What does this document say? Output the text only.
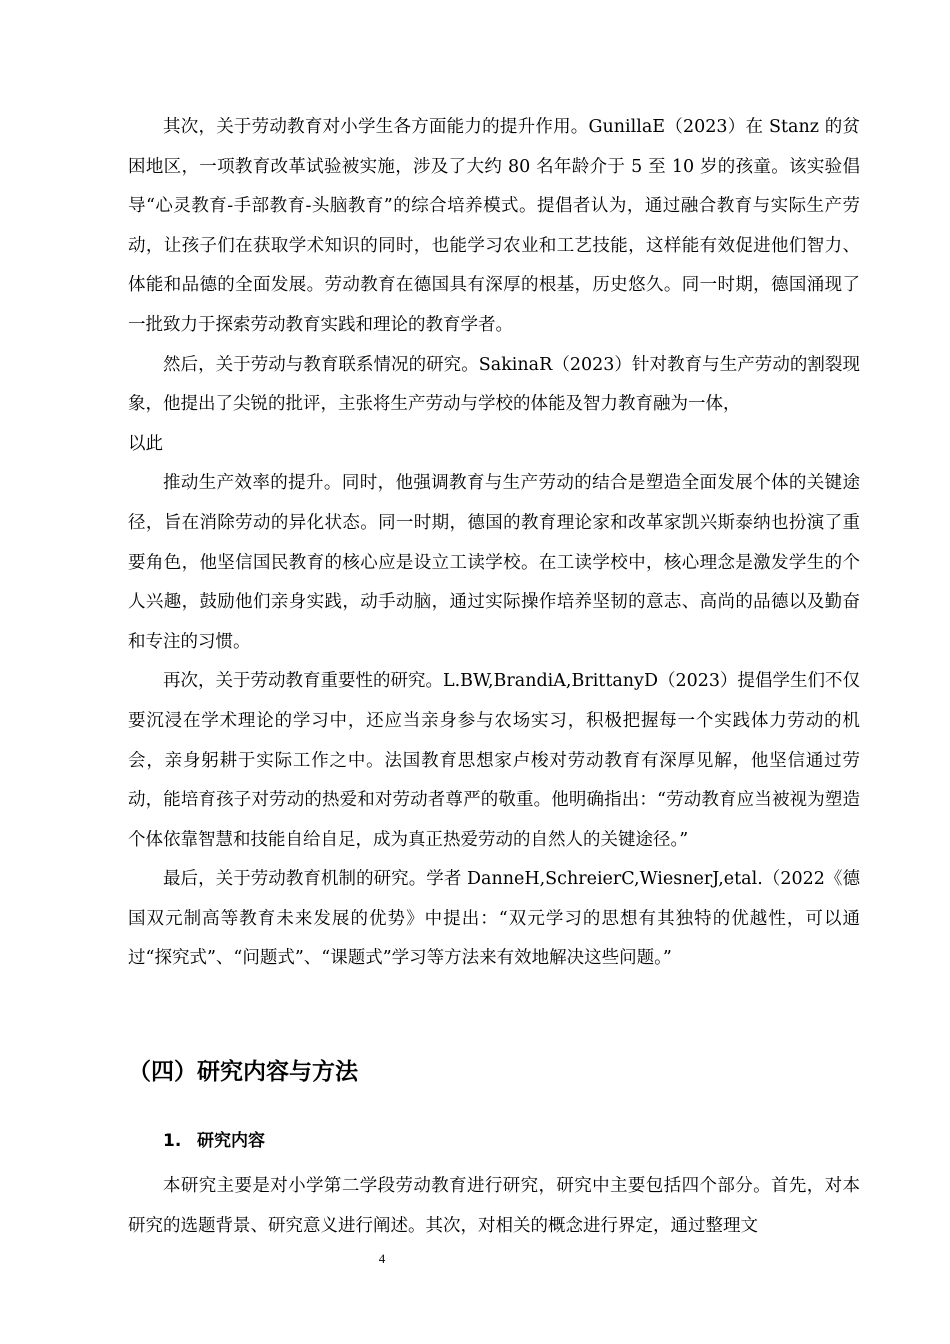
其次，关于劳动教育对小学生各方面能力的提升作用。GunillaE（2023）在 Stanz 的贫困地区，一项教育改革试验被实施，涉及了大约 80 名年龄介于 5 至 10 岁的孩童。该实验倡导“心灵教育-手部教育-头脑教育”的综合培养模式。提倡者认为，通过融合教育与实际生产劳动，让孩子们在获取学术知识的同时，也能学习农业和工艺技能，这样能有效促进他们智力、体能和品德的全面发展。劳动教育在德国具有深厚的根基，历史悠久。同一时期，德国涌现了一批致力于探索劳动教育实践和理论的教育学者。

然后，关于劳动与教育联系情况的研究。SakinaR（2023）针对教育与生产劳动的割裂现象，他提出了尖锐的批评，主张将生产劳动与学校的体能及智力教育融为一体，

以此

推动生产效率的提升。同时，他强调教育与生产劳动的结合是塑造全面发展个体的关键途径，旨在消除劳动的异化状态。同一时期，德国的教育理论家和改革家凯兴斯泰纳也扮演了重要角色，他坚信国民教育的核心应是设立工读学校。在工读学校中，核心理念是激发学生的个人兴趣，鼓励他们亲身实践，动手动脑，通过实际操作培养坚韧的意志、高尚的品德以及勤奋和专注的习惯。

再次，关于劳动教育重要性的研究。L.BW,BrandiA,BrittanyD（2023）提倡学生们不仅要沉浸在学术理论的学习中，还应当亲身参与农场实习，积极把握每一个实践体力劳动的机会，亲身躬耕于实际工作之中。法国教育思想家卢梭对劳动教育有深厚见解，他坚信通过劳动，能培育孩子对劳动的热爱和对劳动者尊严的敬重。他明确指出：“劳动教育应当被视为塑造个体依靠智慧和技能自给自足，成为真正热爱劳动的自然人的关键途径。”

最后，关于劳动教育机制的研究。学者 DanneH,SchreierC,WiesnerJ,etal.（2022《德国双元制高等教育未来发展的优势》中提出：“双元学习的思想有其独特的优越性，可以通过“探究式”、“问题式”、“课题式”学习等方法来有效地解决这些问题。”

（四）研究内容与方法
1. 研究内容

本研究主要是对小学第二学段劳动教育进行研究，研究中主要包括四个部分。首先，对本研究的选题背景、研究意义进行阐述。其次，对相关的概念进行界定，通过整理文

4
